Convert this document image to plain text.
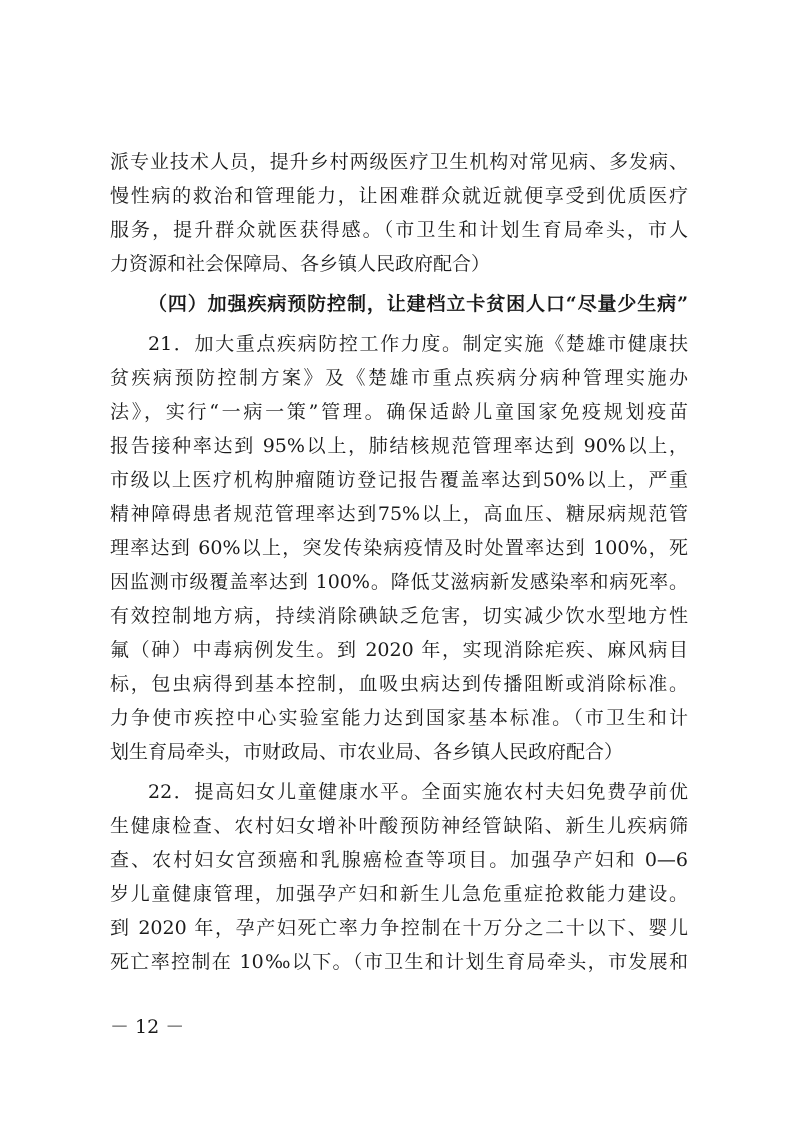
派专业技术人员，提升乡村两级医疗卫生机构对常见病、多发病、
慢性病的救治和管理能力，让困难群众就近就便享受到优质医疗
服务，提升群众就医获得感。（市卫生和计划生育局牵头，市人
力资源和社会保障局、各乡镇人民政府配合）
（四）加强疾病预防控制，让建档立卡贫困人口“尽量少生病”
21．加大重点疾病防控工作力度。制定实施《楚雄市健康扶
贫疾病预防控制方案》及《楚雄市重点疾病分病种管理实施办
法》，实行“一病一策”管理。确保适龄儿童国家免疫规划疫苗
报告接种率达到 95%以上，肺结核规范管理率达到 90%以上，
市级以上医疗机构肿瘤随访登记报告覆盖率达到50%以上，严重
精神障碍患者规范管理率达到75%以上，高血压、糖尿病规范管
理率达到 60%以上，突发传染病疫情及时处置率达到 100%，死
因监测市级覆盖率达到 100%。降低艾滋病新发感染率和病死率。
有效控制地方病，持续消除碘缺乏危害，切实减少饮水型地方性
氟（砷）中毒病例发生。到 2020 年，实现消除疟疾、麻风病目
标，包虫病得到基本控制，血吸虫病达到传播阻断或消除标准。
力争使市疾控中心实验室能力达到国家基本标准。（市卫生和计
划生育局牵头，市财政局、市农业局、各乡镇人民政府配合）
22．提高妇女儿童健康水平。全面实施农村夫妇免费孕前优
生健康检查、农村妇女增补叶酸预防神经管缺陷、新生儿疾病筛
查、农村妇女宫颈癌和乳腺癌检查等项目。加强孕产妇和 0—6
岁儿童健康管理，加强孕产妇和新生儿急危重症抢救能力建设。
到 2020 年，孕产妇死亡率力争控制在十万分之二十以下、婴儿
死亡率控制在 10‰以下。（市卫生和计划生育局牵头，市发展和
－ 12 －
